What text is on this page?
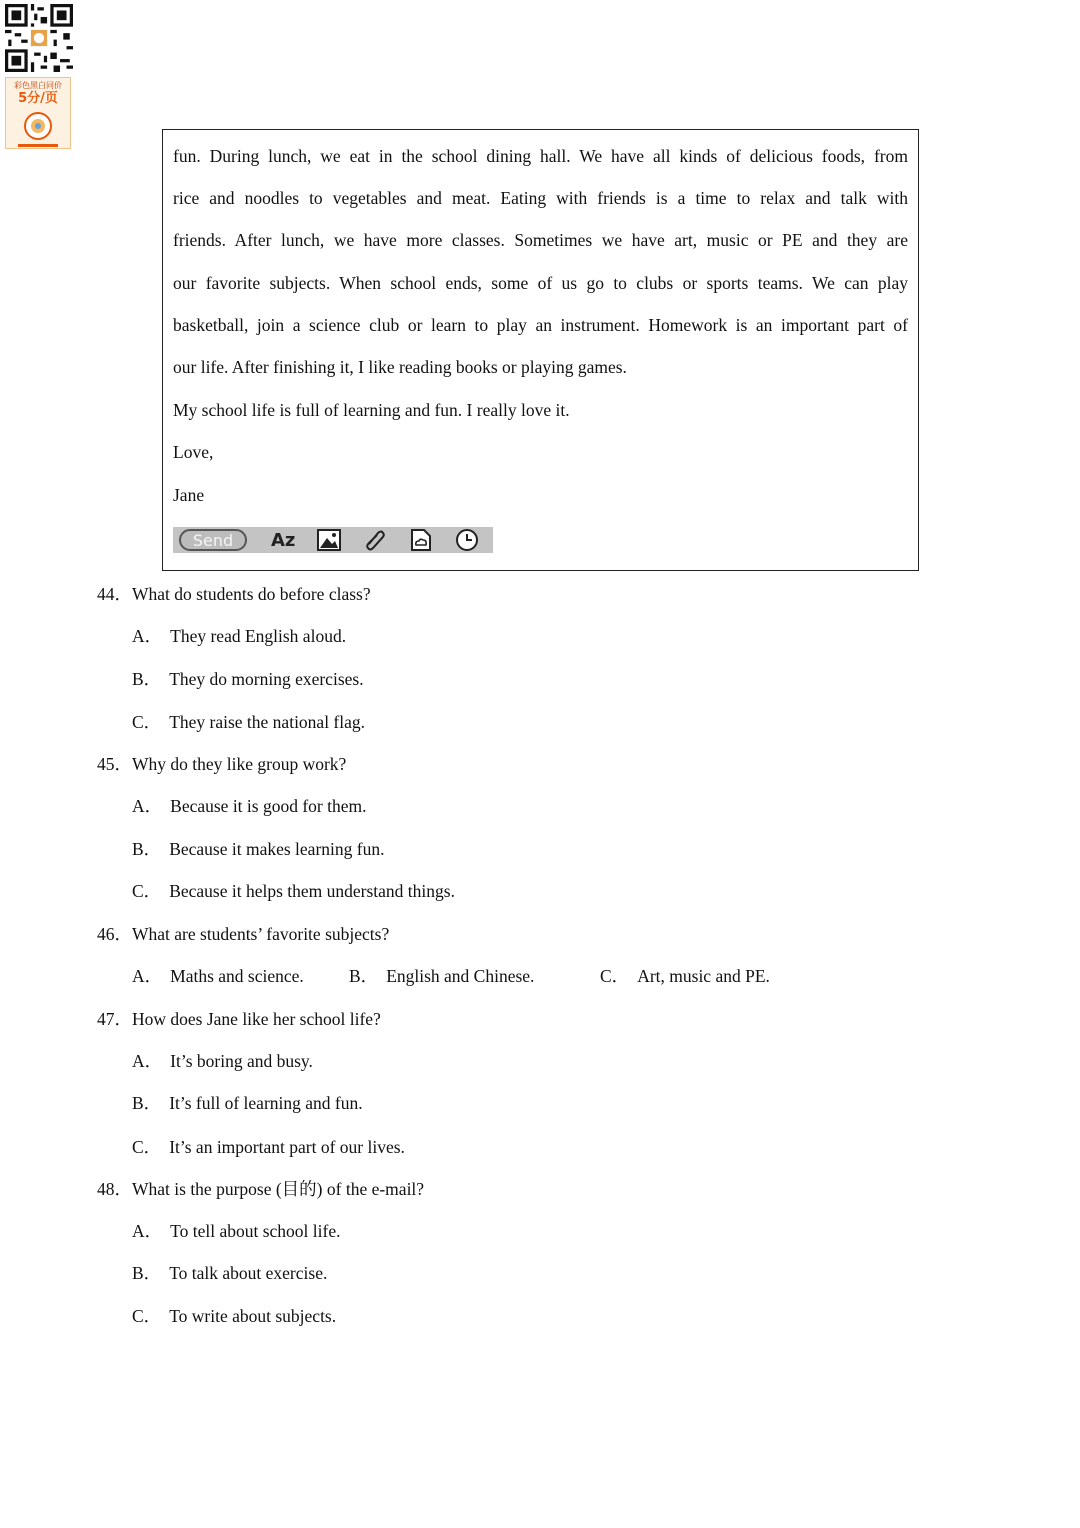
彩色黑白同价
5分/页
fun. During lunch, we eat in the school dining hall. We have all kinds of delicious foods, from
rice and noodles to vegetables and meat. Eating with friends is a time to relax and talk with
friends. After lunch, we have more classes. Sometimes we have art, music or PE and they are
our favorite subjects. When school ends, some of us go to clubs or sports teams. We can play
basketball, join a science club or learn to play an instrument. Homework is an important part of
our life. After finishing it, I like reading books or playing games.
My school life is full of learning and fun. I really love it.
Love,
Jane
Send	Az
44．What do students do before class?
A． They read English aloud.
B． They do morning exercises.
C． They raise the national flag.
45．Why do they like group work?
A． Because it is good for them.
B． Because it makes learning fun.
C． Because it helps them understand things.
46．What are students’ favorite subjects?
A． Maths and science.	B． English and Chinese.	C． Art, music and PE.
47．How does Jane like her school life?
A． It’s boring and busy.
B． It’s full of learning and fun.
C． It’s an important part of our lives.
48．What is the purpose (目的) of the e-mail?
A． To tell about school life.
B． To talk about exercise.
C． To write about subjects.
